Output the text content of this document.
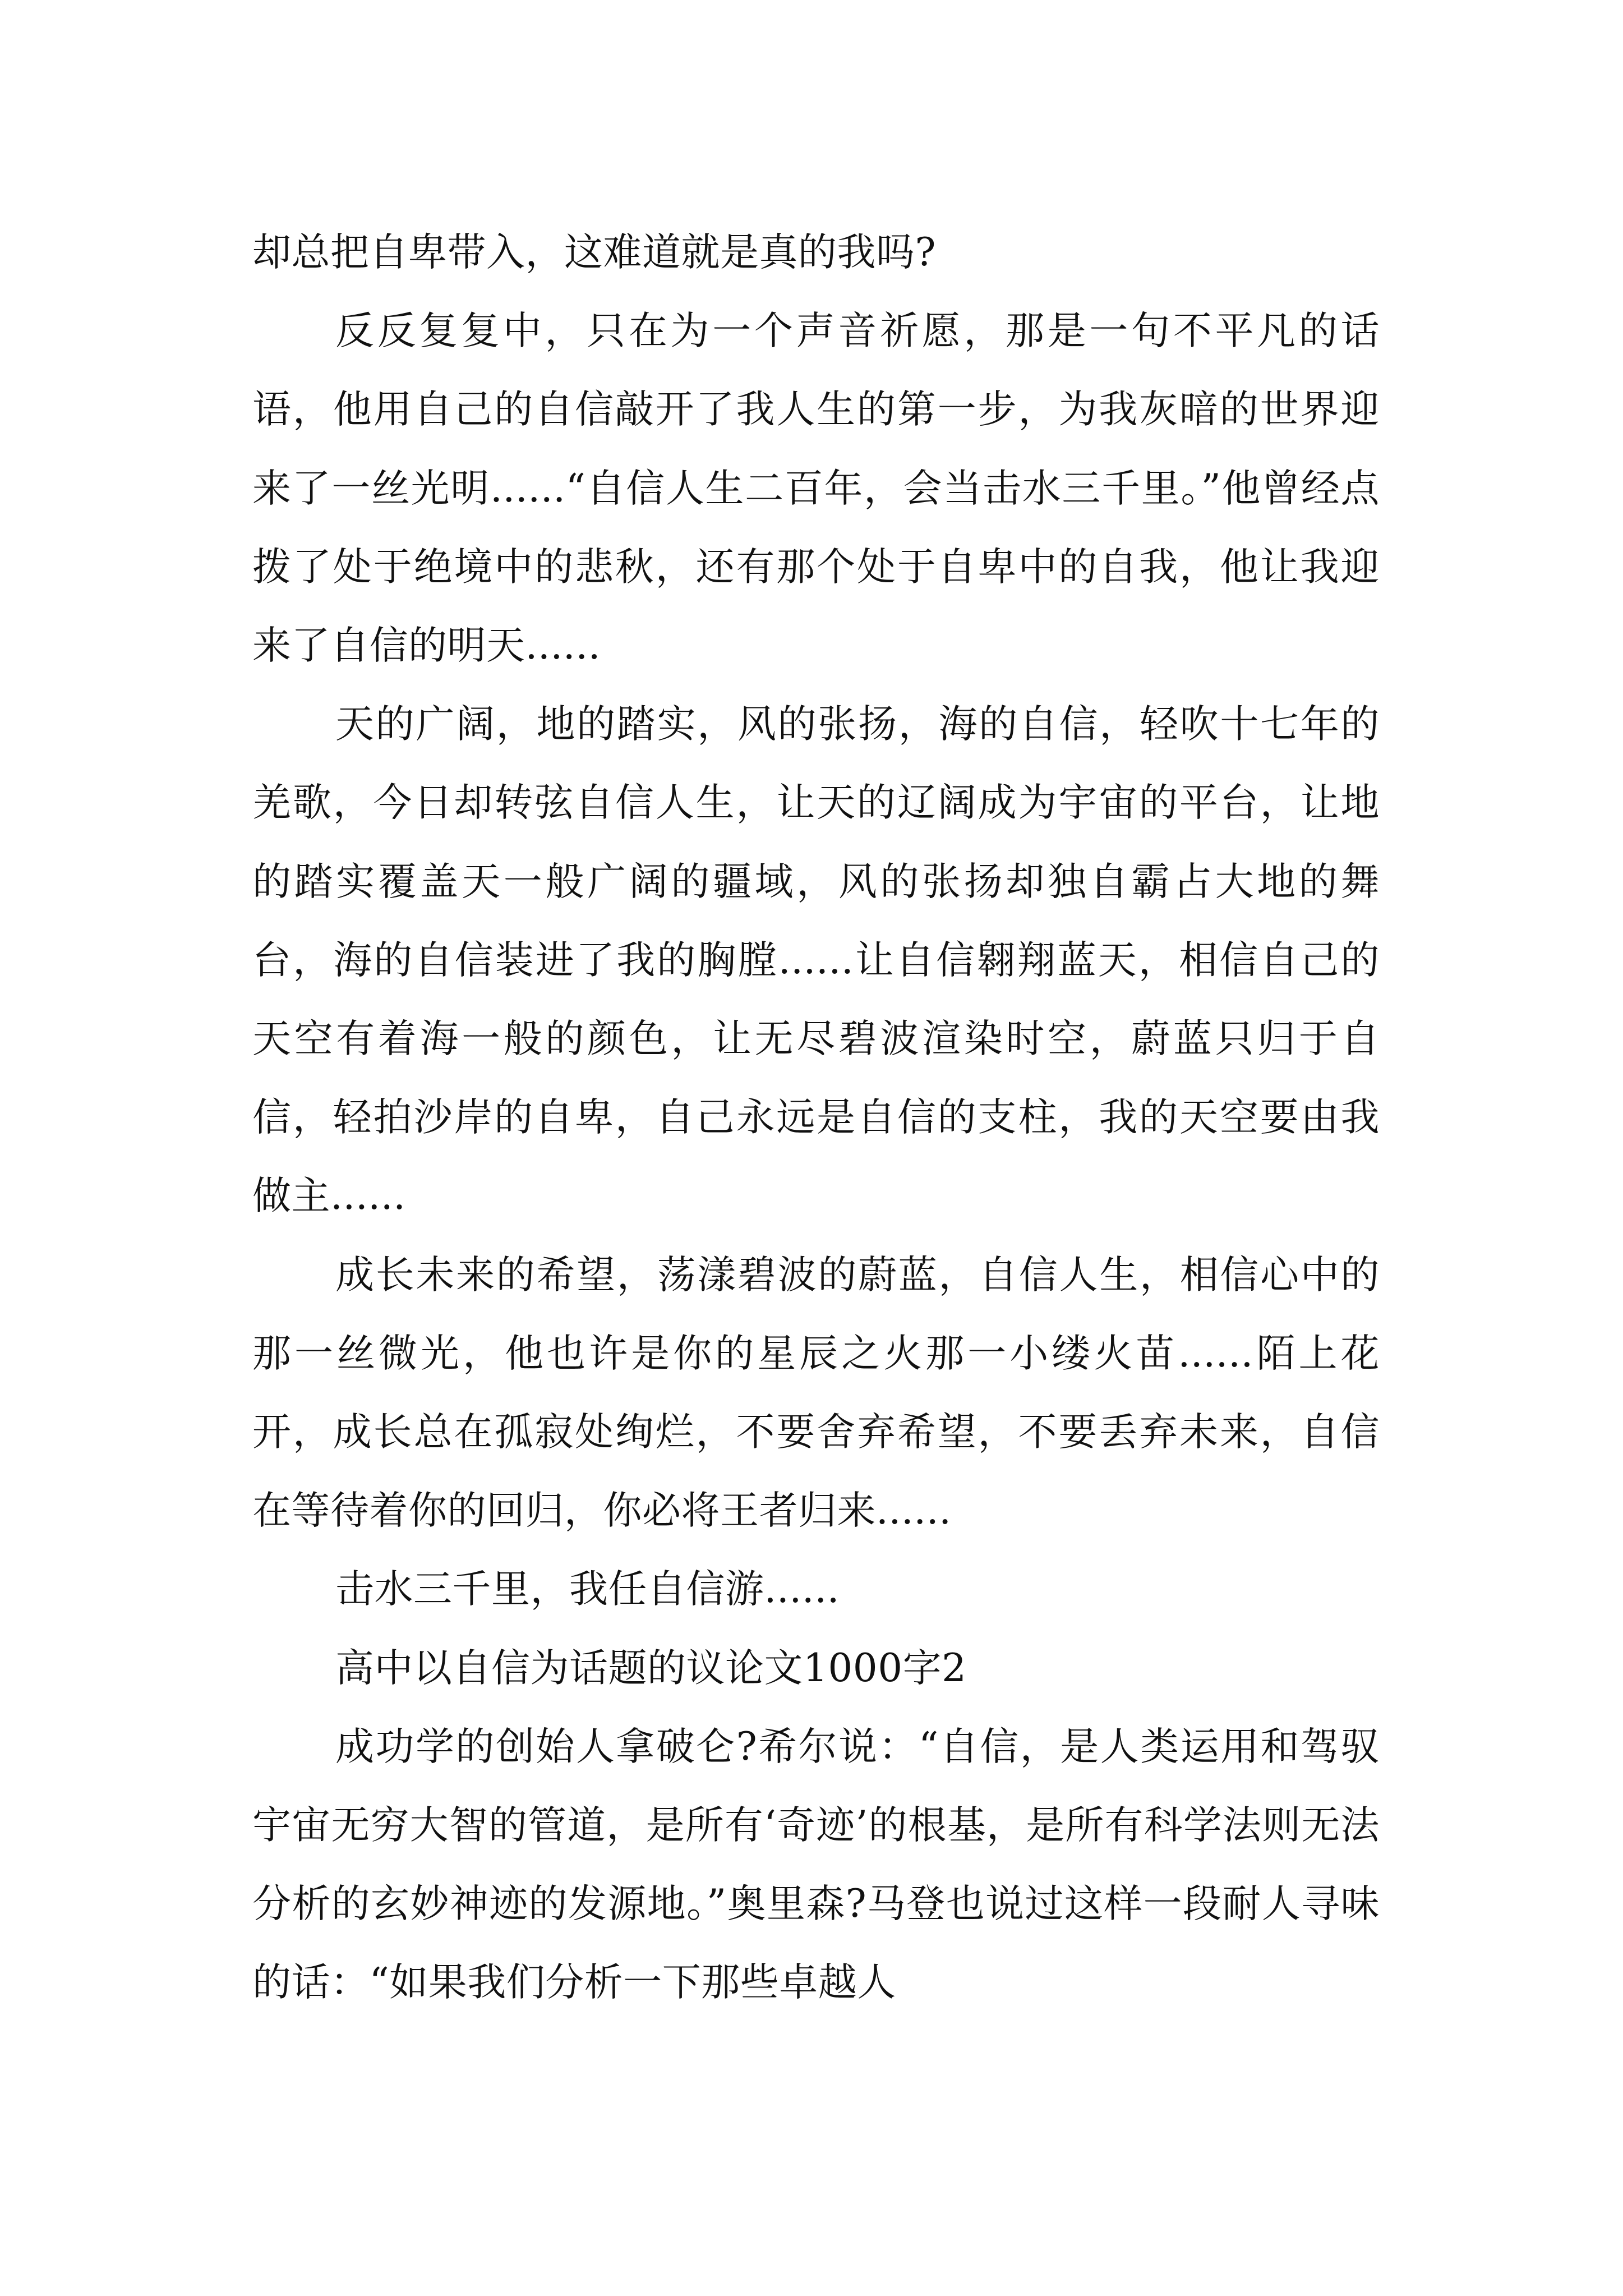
却总把自卑带入，这难道就是真的我吗?

反反复复中，只在为一个声音祈愿，那是一句不平凡的话语，他用自己的自信敲开了我人生的第一步，为我灰暗的世界迎来了一丝光明......“自信人生二百年，会当击水三千里。”他曾经点拨了处于绝境中的悲秋，还有那个处于自卑中的自我，他让我迎来了自信的明天......

天的广阔，地的踏实，风的张扬，海的自信，轻吹十七年的羌歌，今日却转弦自信人生，让天的辽阔成为宇宙的平台，让地的踏实覆盖天一般广阔的疆域，风的张扬却独自霸占大地的舞台，海的自信装进了我的胸膛......让自信翱翔蓝天，相信自己的天空有着海一般的颜色，让无尽碧波渲染时空，蔚蓝只归于自信，轻拍沙岸的自卑，自己永远是自信的支柱，我的天空要由我做主......

成长未来的希望，荡漾碧波的蔚蓝，自信人生，相信心中的那一丝微光，他也许是你的星辰之火那一小缕火苗......陌上花开，成长总在孤寂处绚烂，不要舍弃希望，不要丢弃未来，自信在等待着你的回归，你必将王者归来......

击水三千里，我任自信游......

高中以自信为话题的议论文1000字2

成功学的创始人拿破仑?希尔说：“自信，是人类运用和驾驭宇宙无穷大智的管道，是所有‘奇迹’的根基，是所有科学法则无法分析的玄妙神迹的发源地。”奥里森?马登也说过这样一段耐人寻味的话：“如果我们分析一下那些卓越人
